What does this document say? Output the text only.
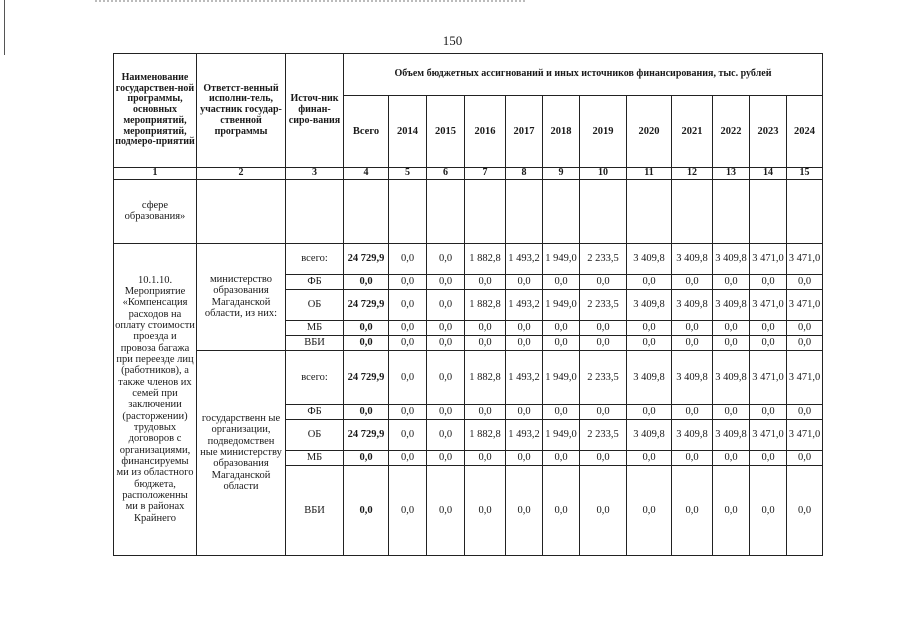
150
Наименование государствен-ной программы, основных мероприятий, мероприятий, подмеро-приятий	Ответст-венный исполни-тель, участник государ-ственной программы	Источ-ник финан-сиро-вания	Объем бюджетных ассигнований и иных источников финансирования, тыс. рублей											
			Всего	2014	2015	2016	2017	2018	2019	2020	2021	2022	2023	2024
1	2	3	4	5	6	7	8	9	10	11	12	13	14	15
сфере образования»														
10.1.10. Мероприятие «Компенсация расходов на оплату стоимости проезда и провоза багажа при переезде лиц (работников), а также членов их семей при заключении (расторжении) трудовых договоров с организациями, финансируемы ми из областного бюджета, расположенны ми в районах Крайнего	министерство образования Магаданской области, из них:	всего:	24 729,9	0,0	0,0	1 882,8	1 493,2	1 949,0	2 233,5	3 409,8	3 409,8	3 409,8	3 471,0	3 471,0
		ФБ	0,0	0,0	0,0	0,0	0,0	0,0	0,0	0,0	0,0	0,0	0,0	0,0
		ОБ	24 729,9	0,0	0,0	1 882,8	1 493,2	1 949,0	2 233,5	3 409,8	3 409,8	3 409,8	3 471,0	3 471,0
		МБ	0,0	0,0	0,0	0,0	0,0	0,0	0,0	0,0	0,0	0,0	0,0	0,0
		ВБИ	0,0	0,0	0,0	0,0	0,0	0,0	0,0	0,0	0,0	0,0	0,0	0,0
	государственн ые организации, подведомствен ные министерству образования Магаданской области	всего:	24 729,9	0,0	0,0	1 882,8	1 493,2	1 949,0	2 233,5	3 409,8	3 409,8	3 409,8	3 471,0	3 471,0
		ФБ	0,0	0,0	0,0	0,0	0,0	0,0	0,0	0,0	0,0	0,0	0,0	0,0
		ОБ	24 729,9	0,0	0,0	1 882,8	1 493,2	1 949,0	2 233,5	3 409,8	3 409,8	3 409,8	3 471,0	3 471,0
		МБ	0,0	0,0	0,0	0,0	0,0	0,0	0,0	0,0	0,0	0,0	0,0	0,0
		ВБИ	0,0	0,0	0,0	0,0	0,0	0,0	0,0	0,0	0,0	0,0	0,0	0,0
